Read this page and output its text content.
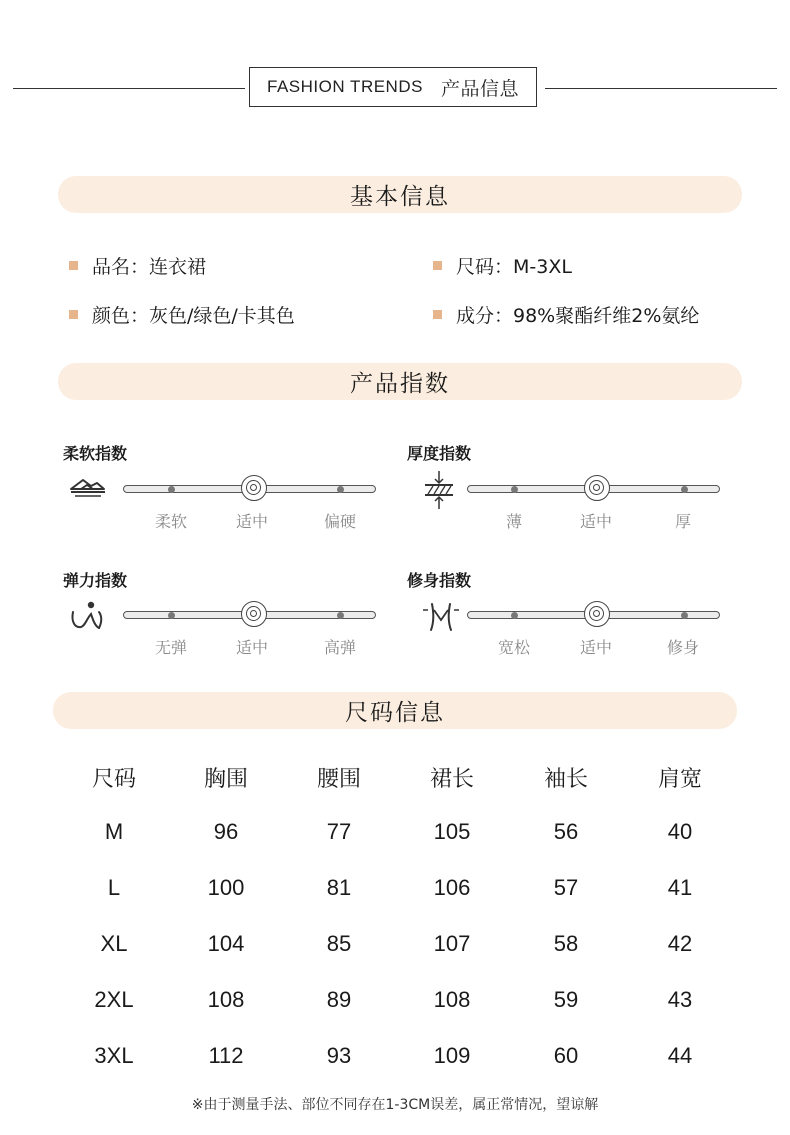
FASHION TRENDS 产品信息
基本信息
品名：连衣裙	尺码：M-3XL
颜色：灰色/绿色/卡其色	成分：98%聚酯纤维2%氨纶
产品指数
柔软指数
柔软	适中	偏硬
厚度指数
薄	适中	厚
弹力指数
无弹	适中	高弹
修身指数
宽松	适中	修身
尺码信息
尺码	胸围	腰围	裙长	袖长	肩宽
M	96	77	105	56	40
L	100	81	106	57	41
XL	104	85	107	58	42
2XL	108	89	108	59	43
3XL	112	93	109	60	44
※由于测量手法、部位不同存在1-3CM误差，属正常情况，望谅解
